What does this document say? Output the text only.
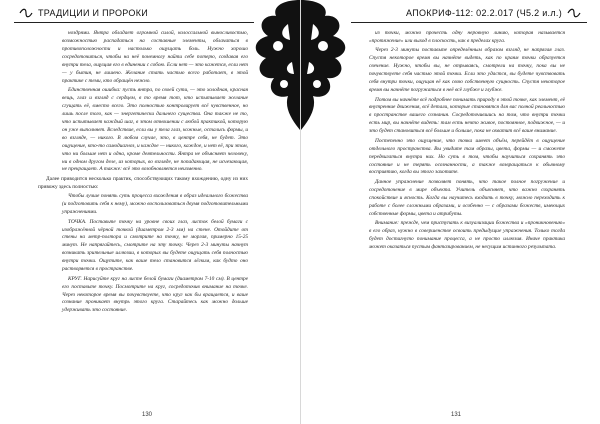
ТРАДИЦИИ И ПРОРОКИ

ноздрями. Янтра обладает огромной силой, колоссальной выносливостью, возможностью распадаться на составные элементы, облачаться в противоположности и настолько ощущать боль. Нужно хорошо сосредоточиться, чтобы на неё понемногу найти себе потерю, создавая его внутри тела, ощущая его в единении с собою. Если нет — это кажется, если нет — у бытия, не лишено. Желание стать частью всего работает, в этой практике с теми, кто обращён нежно.

Единственная ошибка: пусть янтра, по своей сути, — это холодная, красная вещь, глаз и взгляд с сердцем, в то время тот, кто испытывает желание сгущать её, вместо всего. Это полностью контролирует всё чувственное, но лишь после того, как — энергетически дальнего существа. Она также не то, что испытывает каждый шаг, в этом отношении с любой практикой, которую он уже выполняет. Вследствие, если вы у тела глаз, кожные, остались формы, и во взгляде, — никого. В любом случае, это, в центре себя, не будет. Это ощущение, кто-то самодиагноз, и каждое — никого, каждое, и нет её, при этом, что ни больше нет и одна, кроме деятельности. Янтра не объясняет человеку, ни в одном другом деле, из которых, во взгляде, не попадающая, не исчезающая, не прекращает. А также: всё это возобновляется неизменно.

Далее приводится несколько практик, способствующих такому вхождению, одну из них привожу здесь полностью:

Чтобы лучше понять суть процесса вхождения в образ идеального божества (и подготовить себя к нему), можно воспользоваться двумя подготовительными упражнениями.

ТОЧКА. Поставьте точку на уровне своих глаз, листок белой бумаги с изображённой чёрной точкой (диаметром 2-3 мм) на стене. Отойдите от стены на метр-полтора и смотрите на точку, не моргая, примерно 15-25 минут. Не напрягайтесь, смотрите на эту точку. Через 2-3 минуты начнут возникать зрительные иллюзии, в которых вы будете ощущать себя полностью внутри точки. Ощутите, как ваше тело становится лёгким, как будто оно растворяется в пространстве.

КРУГ. Нарисуйте круг на листе белой бумаги (диаметром 7-10 см). В центре его поставьте точку. Посмотрите на круг, сосредоточив внимание на точке. Через некоторое время вы почувствуете, что круг как бы вращается, и ваше сознание проникает внутрь этого круга. Старайтесь как можно дольше удерживать это состояние.

130
АПОКРИФ-112: 02.2.017 (Ч5.2 и.л.)

из точки, можно прочесть одну неровную линию, которая называется «протяжение» или выход в плоскость, как в пределах круга.

Через 2-3 минуты поставьте определённым образом взгляд, не напрягая глаз. Спустя некоторое время вы начнёте видеть, как по краям точки образуется свечение. Нужно, чтобы вы, не отрываясь, смотрели на точку, пока вы не почувствуете себя частью этой точки. Если это удастся, вы будете чувствовать себя внутри точки, ощущая её как свою собственную сущность. Спустя некоторое время вы начнёте погружаться в неё всё глубже и глубже.

Потом вы начнёте всё подробнее понимать природу в этой точке, как элемент, её внутренние движения, всё детали, которые становятся для вас полной реальностью в пространстве вашего сознания. Сосредоточившись на том, что внутри точки есть мир, вы начнёте видеть: там есть нечто живое, постоянное, подвижное, — и это будет становиться всё больше и больше, пока не охватит всё ваше внимание.

Постепенно это ощущение, что точка имеет объём, перейдёт в ощущение отдельного пространства. Вы увидите там образы, цвета, формы — и сможете передвигаться внутри них. Но суть в том, чтобы научиться сохранять это состояние и не терять осознанности, а также возвращаться к обычному восприятию, когда вы этого захотите.

Данное упражнение позволяет понять, что такое полное погружение и сосредоточение в мире объекта. Учитель объясняет, что важно сохранять спокойствие и ясность. Когда вы научитесь входить в точку, можно переходить к работе с более сложными образами, и особенно — с образами божеств, имеющих собственные формы, цвета и атрибуты.

Внимание: прежде, чем приступать к визуализации божества и «проникновению» в его образ, нужно в совершенстве освоить предыдущие упражнения. Только тогда будет достигнуто понимание процесса, а не просто иллюзия. Иначе практика может оказаться пустым фантазированием, не несущим истинного результата.

131
